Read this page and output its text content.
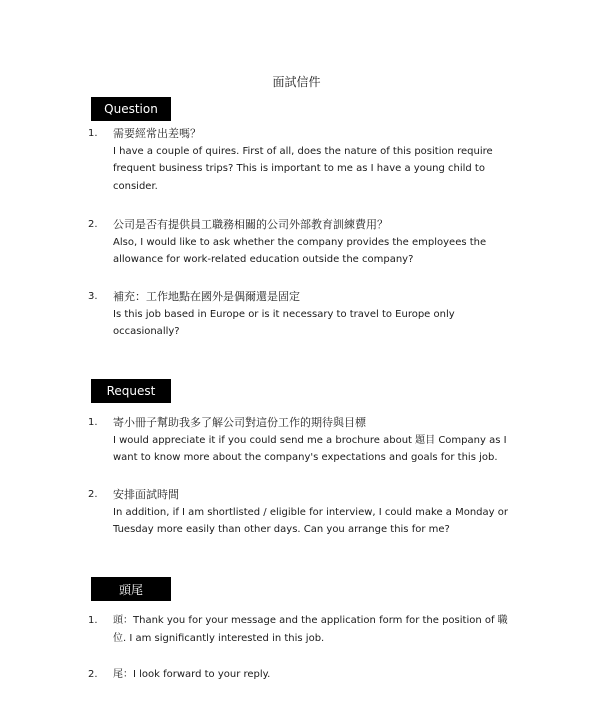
面試信件
Question
1.	需要經常出差嗎？
I have a couple of quires. First of all, does the nature of this position require frequent business trips? This is important to me as I have a young child to consider.
2.	公司是否有提供員工職務相關的公司外部教育訓練費用？
Also, I would like to ask whether the company provides the employees the allowance for work-related education outside the company?
3.	補充：工作地點在國外是偶爾還是固定
Is this job based in Europe or is it necessary to travel to Europe only occasionally?
Request
1.	寄小冊子幫助我多了解公司對這份工作的期待與目標
I would appreciate it if you could send me a brochure about 題目 Company as I want to know more about the company's expectations and goals for this job.
2.	安排面試時間
In addition, if I am shortlisted / eligible for interview, I could make a Monday or Tuesday more easily than other days. Can you arrange this for me?
頭尾
1.	頭：Thank you for your message and the application form for the position of 職位. I am significantly interested in this job.
2.	尾：I look forward to your reply.
